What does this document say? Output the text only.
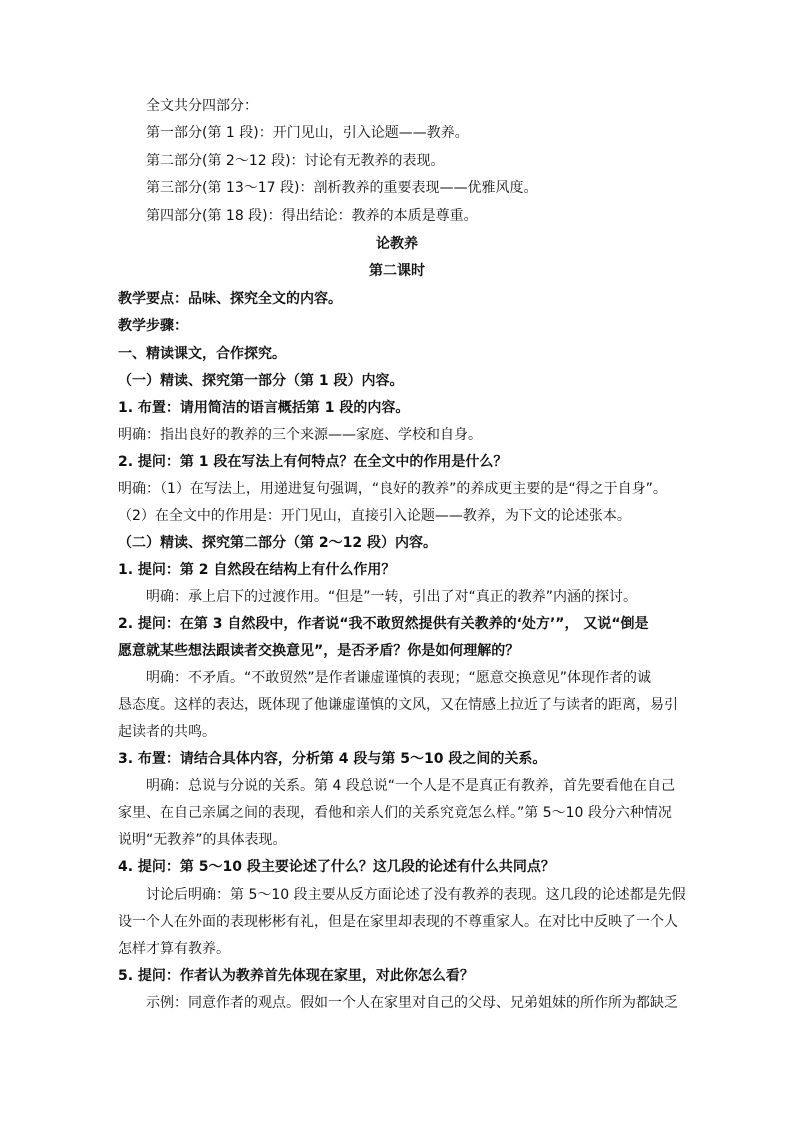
全文共分四部分：
第一部分(第 1 段)：开门见山，引入论题——教养。
第二部分(第 2～12 段)：讨论有无教养的表现。
第三部分(第 13～17 段)：剖析教养的重要表现——优雅风度。
第四部分(第 18 段)：得出结论：教养的本质是尊重。
论教养
第二课时
教学要点：品味、探究全文的内容。
教学步骤：
一、精读课文，合作探究。
（一）精读、探究第一部分（第 1 段）内容。
1. 布置：请用简洁的语言概括第 1 段的内容。
明确：指出良好的教养的三个来源——家庭、学校和自身。
2. 提问：第 1 段在写法上有何特点？在全文中的作用是什么？
明确：（1）在写法上，用递进复句强调，“良好的教养”的养成更主要的是“得之于自身”。
（2）在全文中的作用是：开门见山，直接引入论题——教养，为下文的论述张本。
（二）精读、探究第二部分（第 2～12 段）内容。
1. 提问：第 2 自然段在结构上有什么作用？
明确：承上启下的过渡作用。“但是”一转，引出了对“真正的教养”内涵的探讨。
2. 提问：在第 3 自然段中，作者说“我不敢贸然提供有关教养的‘处方’”， 又说“倒是
愿意就某些想法跟读者交换意见”，是否矛盾？你是如何理解的？
明确：不矛盾。“不敢贸然”是作者谦虚谨慎的表现；“愿意交换意见”体现作者的诚
恳态度。这样的表达，既体现了他谦虚谨慎的文风，又在情感上拉近了与读者的距离，易引
起读者的共鸣。
3. 布置：请结合具体内容，分析第 4 段与第 5～10 段之间的关系。
明确：总说与分说的关系。第 4 段总说“一个人是不是真正有教养，首先要看他在自己
家里、在自己亲属之间的表现，看他和亲人们的关系究竟怎么样。”第 5～10 段分六种情况
说明“无教养”的具体表现。
4. 提问：第 5～10 段主要论述了什么？这几段的论述有什么共同点？
讨论后明确：第 5～10 段主要从反方面论述了没有教养的表现。这几段的论述都是先假
设一个人在外面的表现彬彬有礼，但是在家里却表现的不尊重家人。在对比中反映了一个人
怎样才算有教养。
5. 提问：作者认为教养首先体现在家里，对此你怎么看？
示例：同意作者的观点。假如一个人在家里对自己的父母、兄弟姐妹的所作所为都缺乏
